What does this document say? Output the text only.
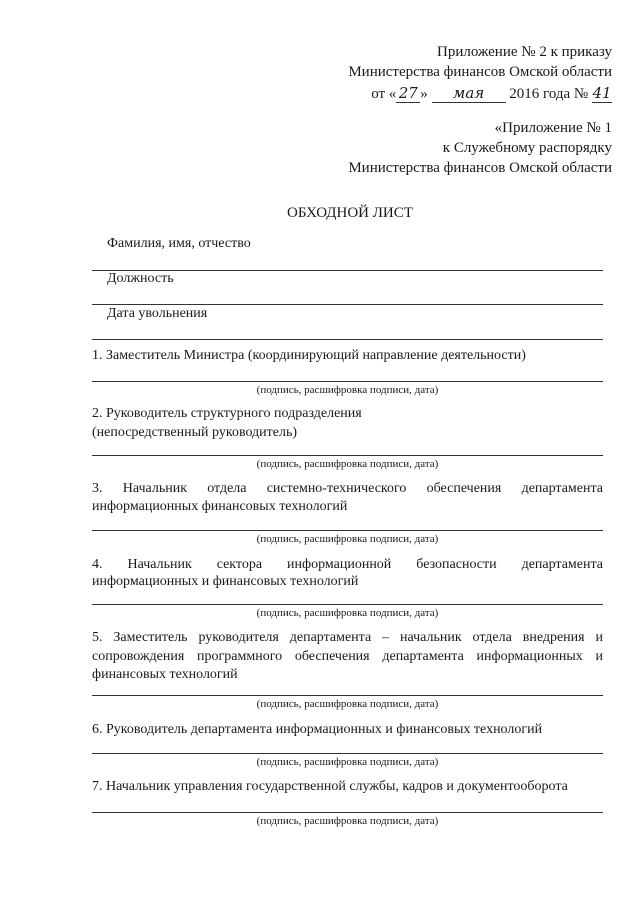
Приложение № 2 к приказу
Министерства финансов Омской области
от « 27 » мая 2016 года № 41
«Приложение № 1
к Служебному распорядку
Министерства финансов Омской области
ОБХОДНОЙ ЛИСТ
Фамилия, имя, отчество
Должность
Дата увольнения
1. Заместитель Министра (координирующий направление деятельности)
(подпись, расшифровка подписи, дата)
2. Руководитель структурного подразделения
(непосредственный руководитель)
(подпись, расшифровка подписи, дата)
3. Начальник отдела системно-технического обеспечения департамента
информационных финансовых технологий
(подпись, расшифровка подписи, дата)
4. Начальник сектора информационной безопасности департамента
информационных и финансовых технологий
(подпись, расшифровка подписи, дата)
5. Заместитель руководителя департамента – начальник отдела внедрения и
сопровождения программного обеспечения департамента информационных и
финансовых технологий
(подпись, расшифровка подписи, дата)
6. Руководитель департамента информационных и финансовых технологий
(подпись, расшифровка подписи, дата)
7. Начальник управления государственной службы, кадров и документооборота
(подпись, расшифровка подписи, дата)
